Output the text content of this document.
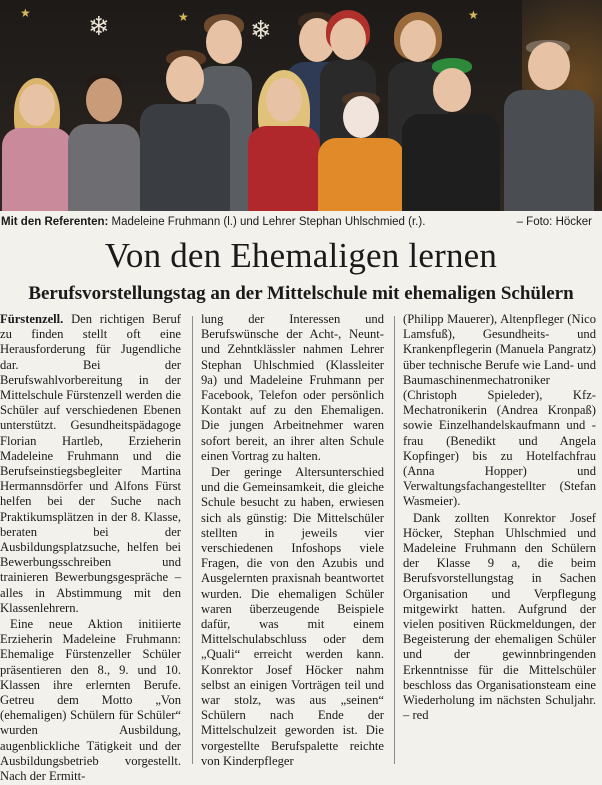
❄	❄
★	★	★
Mit den Referenten: Madeleine Fruhmann (l.) und Lehrer Stephan Uhlschmied (r.).	– Foto: Höcker
Von den Ehemaligen lernen
Berufsvorstellungstag an der Mittelschule mit ehemaligen Schülern

Fürstenzell. Den richtigen Beruf zu finden stellt oft eine Herausforderung für Jugendliche dar. Bei der Berufswahlvorbereitung in der Mittelschule Fürstenzell werden die Schüler auf verschiedenen Ebenen unterstützt. Gesundheitspädagoge Florian Hartleb, Erzieherin Madeleine Fruhmann und die Berufseinstiegsbegleiter Martina Hermannsdörfer und Alfons Fürst helfen bei der Suche nach Praktikumsplätzen in der 8. Klasse, beraten bei der Ausbildungsplatzsuche, helfen bei Bewerbungsschreiben und trainieren Bewerbungsgespräche – alles in Abstimmung mit den Klassenlehrern.

Eine neue Aktion initiierte Erzieherin Madeleine Fruhmann: Ehemalige Fürstenzeller Schüler präsentieren den 8., 9. und 10. Klassen ihre erlernten Berufe. Getreu dem Motto „Von (ehemaligen) Schülern für Schüler“ wurden Ausbildung, augenblickliche Tätigkeit und der Ausbildungsbetrieb vorgestellt. Nach der Ermitt-

lung der Interessen und Berufswünsche der Acht-, Neunt- und Zehntklässler nahmen Lehrer Stephan Uhlschmied (Klassleiter 9a) und Madeleine Fruhmann per Facebook, Telefon oder persönlich Kontakt auf zu den Ehemaligen. Die jungen Arbeitnehmer waren sofort bereit, an ihrer alten Schule einen Vortrag zu halten.

Der geringe Altersunterschied und die Gemeinsamkeit, die gleiche Schule besucht zu haben, erwiesen sich als günstig: Die Mittelschüler stellten in jeweils vier verschiedenen Infoshops viele Fragen, die von den Azubis und Ausgelernten praxisnah beantwortet wurden. Die ehemaligen Schüler waren überzeugende Beispiele dafür, was mit einem Mittelschulabschluss oder dem „Quali“ erreicht werden kann. Konrektor Josef Höcker nahm selbst an einigen Vorträgen teil und war stolz, was aus „seinen“ Schülern nach Ende der Mittelschulzeit geworden ist. Die vorgestellte Berufspalette reichte von Kinderpfleger

(Philipp Mauerer), Altenpfleger (Nico Lamsfuß), Gesundheits- und Krankenpflegerin (Manuela Pangratz) über technische Berufe wie Land- und Baumaschinenmechatroniker (Christoph Spieleder), Kfz-Mechatronikerin (Andrea Kronpaß) sowie Einzelhandelskaufmann und -frau (Benedikt und Angela Kopfinger) bis zu Hotelfachfrau (Anna Hopper) und Verwaltungsfachangestellter (Stefan Wasmeier).

Dank zollten Konrektor Josef Höcker, Stephan Uhlschmied und Madeleine Fruhmann den Schülern der Klasse 9 a, die beim Berufsvorstellungstag in Sachen Organisation und Verpflegung mitgewirkt hatten. Aufgrund der vielen positiven Rückmeldungen, der Begeisterung der ehemaligen Schüler und der gewinnbringenden Erkenntnisse für die Mittelschüler beschloss das Organisationsteam eine Wiederholung im nächsten Schuljahr. – red
